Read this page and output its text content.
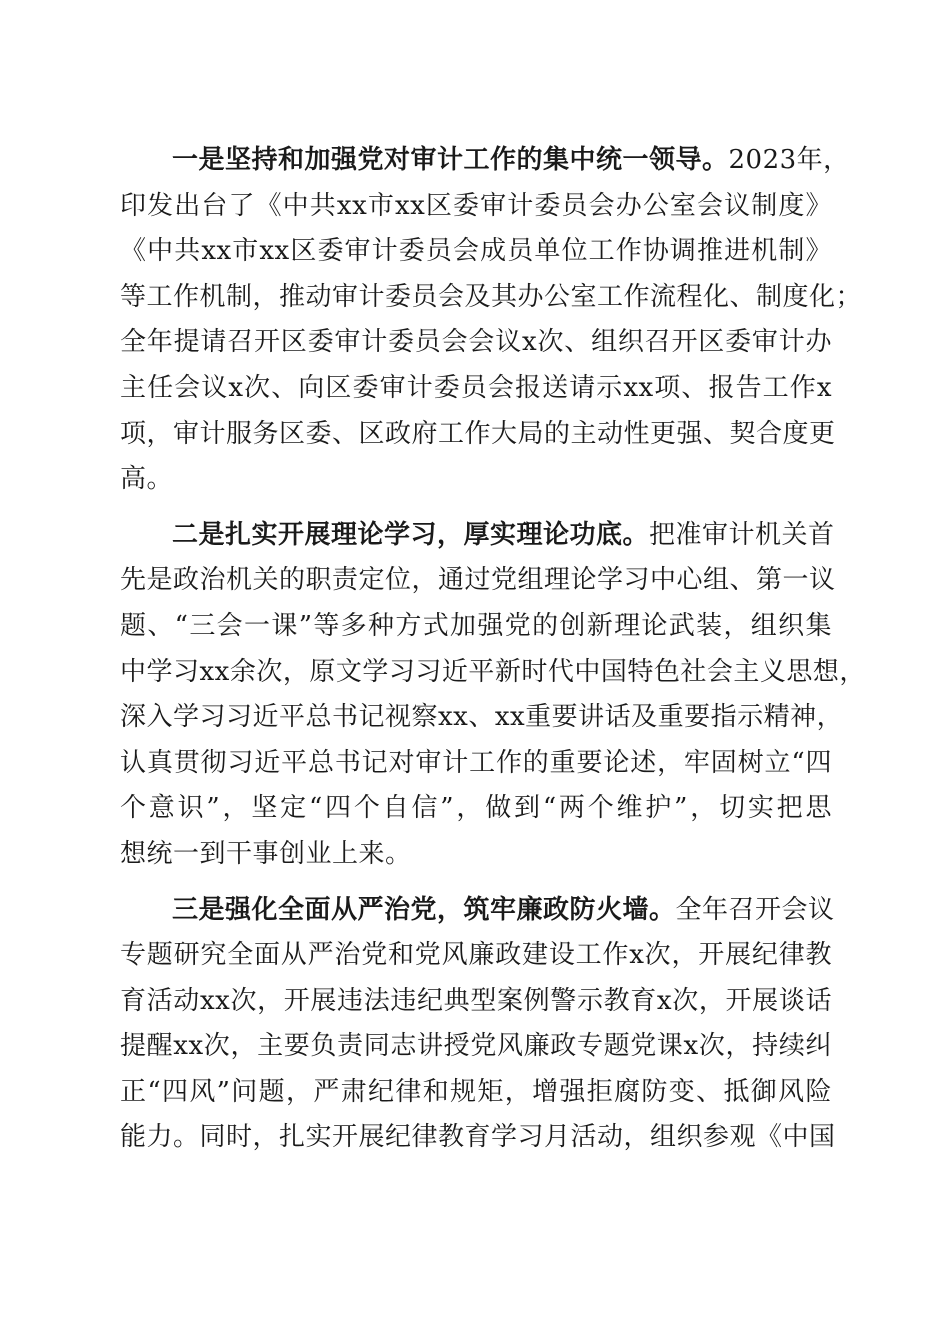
一是坚持和加强党对审计工作的集中统一领导。2023年，
印发出台了《中共xx市xx区委审计委员会办公室会议制度》
《中共xx市xx区委审计委员会成员单位工作协调推进机制》
等工作机制，推动审计委员会及其办公室工作流程化、制度化；
全年提请召开区委审计委员会会议x次、组织召开区委审计办
主任会议x次、向区委审计委员会报送请示xx项、报告工作x
项，审计服务区委、区政府工作大局的主动性更强、契合度更
高。
二是扎实开展理论学习，厚实理论功底。把准审计机关首
先是政治机关的职责定位，通过党组理论学习中心组、第一议
题、“三会一课”等多种方式加强党的创新理论武装，组织集
中学习xx余次，原文学习习近平新时代中国特色社会主义思想，
深入学习习近平总书记视察xx、xx重要讲话及重要指示精神，
认真贯彻习近平总书记对审计工作的重要论述，牢固树立“四
个意识”，坚定“四个自信”，做到“两个维护”，切实把思
想统一到干事创业上来。
三是强化全面从严治党，筑牢廉政防火墙。全年召开会议
专题研究全面从严治党和党风廉政建设工作x次，开展纪律教
育活动xx次，开展违法违纪典型案例警示教育x次，开展谈话
提醒xx次，主要负责同志讲授党风廉政专题党课x次，持续纠
正“四风”问题，严肃纪律和规矩，增强拒腐防变、抵御风险
能力。同时，扎实开展纪律教育学习月活动，组织参观《中国
